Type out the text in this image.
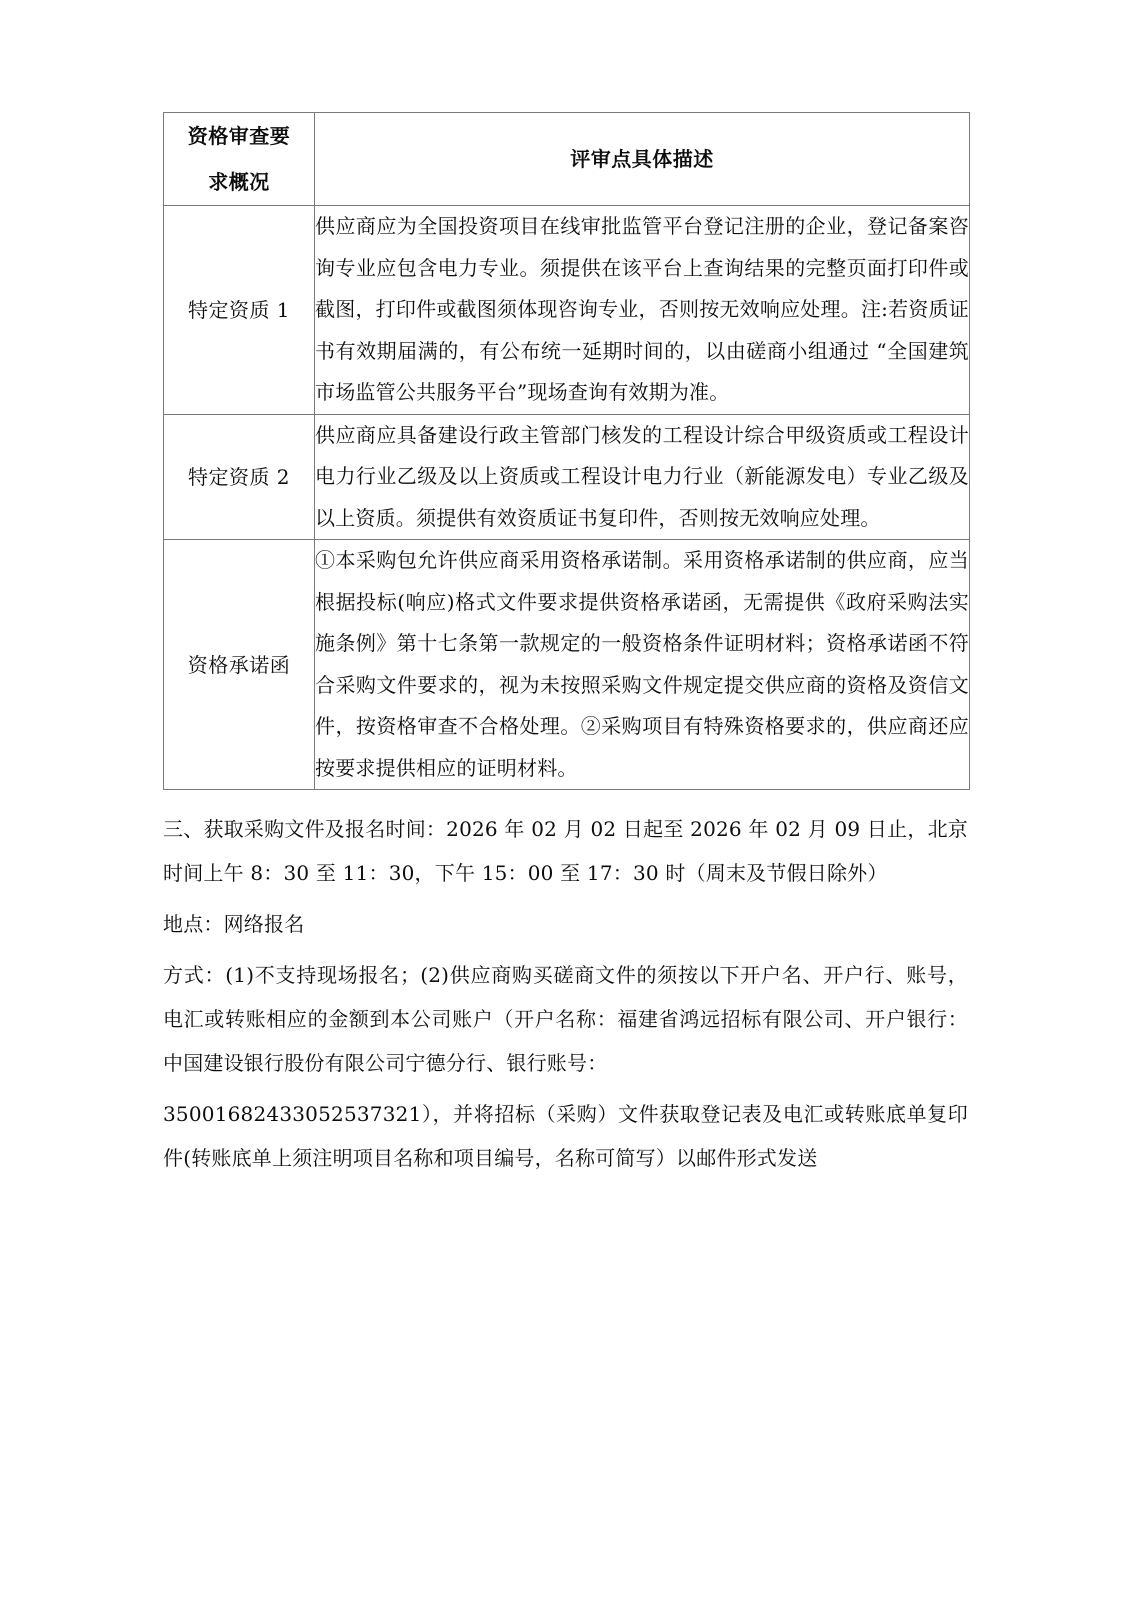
资格审查要
求概况	评审点具体描述
特定资质 1	供应商应为全国投资项目在线审批监管平台登记注册的企业，登记备案咨询专业应包含电力专业。须提供在该平台上查询结果的完整页面打印件或截图，打印件或截图须体现咨询专业，否则按无效响应处理。注:若资质证书有效期届满的，有公布统一延期时间的，以由磋商小组通过 “全国建筑市场监管公共服务平台”现场查询有效期为准。
特定资质 2	供应商应具备建设行政主管部门核发的工程设计综合甲级资质或工程设计电力行业乙级及以上资质或工程设计电力行业（新能源发电）专业乙级及以上资质。须提供有效资质证书复印件，否则按无效响应处理。
资格承诺函	①本采购包允许供应商采用资格承诺制。采用资格承诺制的供应商，应当根据投标(响应)格式文件要求提供资格承诺函，无需提供《政府采购法实施条例》第十七条第一款规定的一般资格条件证明材料；资格承诺函不符合采购文件要求的，视为未按照采购文件规定提交供应商的资格及资信文件，按资格审查不合格处理。②采购项目有特殊资格要求的，供应商还应按要求提供相应的证明材料。

三、获取采购文件及报名时间：2026 年 02 月 02 日起至 2026 年 02 月 09 日止，北京时间上午 8：30 至 11：30，下午 15：00 至 17：30 时（周末及节假日除外）

地点：网络报名

方式：(1)不支持现场报名；(2)供应商购买磋商文件的须按以下开户名、开户行、账号，电汇或转账相应的金额到本公司账户（开户名称：福建省鸿远招标有限公司、开户银行：中国建设银行股份有限公司宁德分行、银行账号：

35001682433052537321），并将招标（采购）文件获取登记表及电汇或转账底单复印件(转账底单上须注明项目名称和项目编号，名称可简写）以邮件形式发送
